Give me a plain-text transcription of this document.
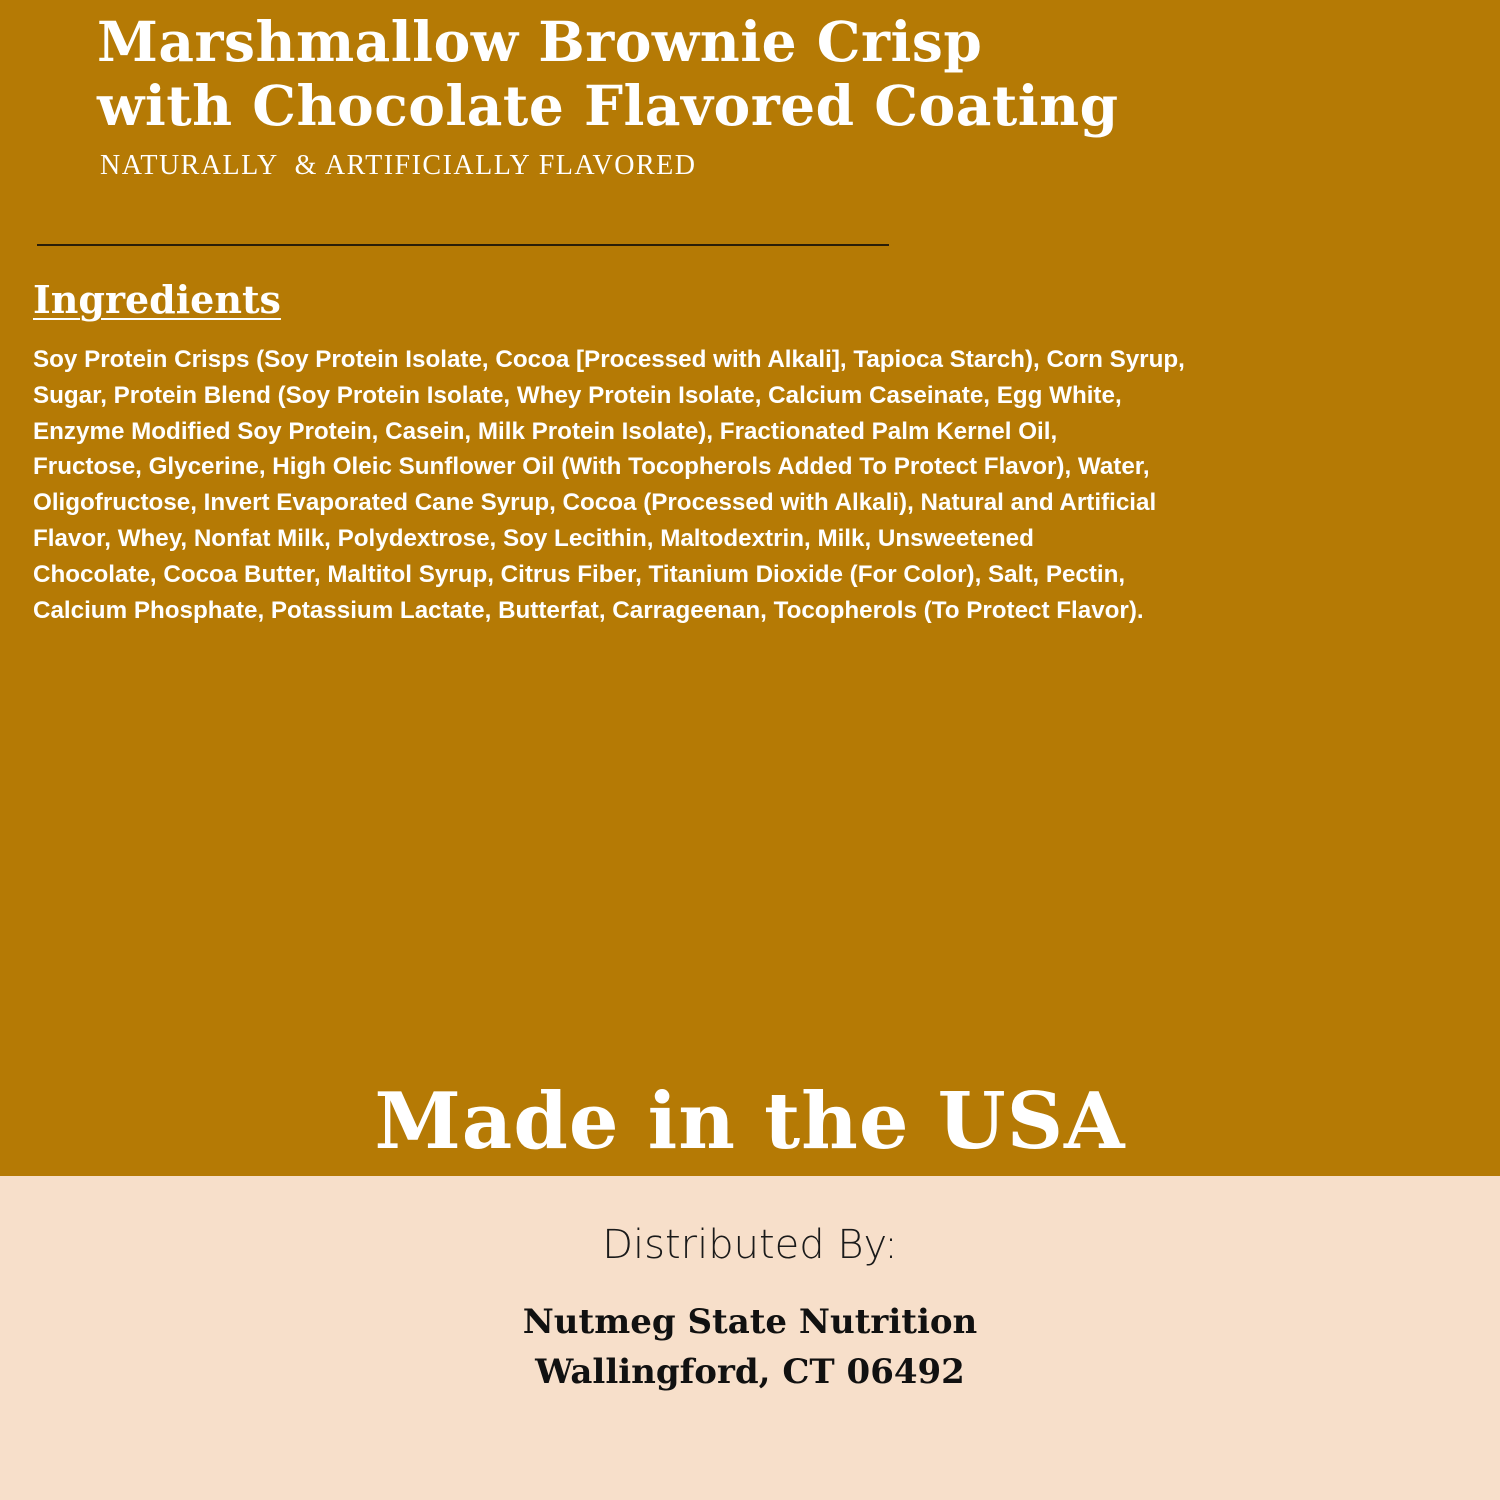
Marshmallow Brownie Crisp
with Chocolate Flavored Coating

NATURALLY  & ARTIFICIALLY FLAVORED

Ingredients
Soy Protein Crisps (Soy Protein Isolate, Cocoa [Processed with Alkali], Tapioca Starch), Corn Syrup,
Sugar, Protein Blend (Soy Protein Isolate, Whey Protein Isolate, Calcium Caseinate, Egg White,
Enzyme Modified Soy Protein, Casein, Milk Protein Isolate), Fractionated Palm Kernel Oil,
Fructose, Glycerine, High Oleic Sunflower Oil (With Tocopherols Added To Protect Flavor), Water,
Oligofructose, Invert Evaporated Cane Syrup, Cocoa (Processed with Alkali), Natural and Artificial
Flavor, Whey, Nonfat Milk, Polydextrose, Soy Lecithin, Maltodextrin, Milk, Unsweetened
Chocolate, Cocoa Butter, Maltitol Syrup, Citrus Fiber, Titanium Dioxide (For Color), Salt, Pectin,
Calcium Phosphate, Potassium Lactate, Butterfat, Carrageenan, Tocopherols (To Protect Flavor).

Made in the USA

Distributed By:

Nutmeg State Nutrition

Wallingford, CT 06492
